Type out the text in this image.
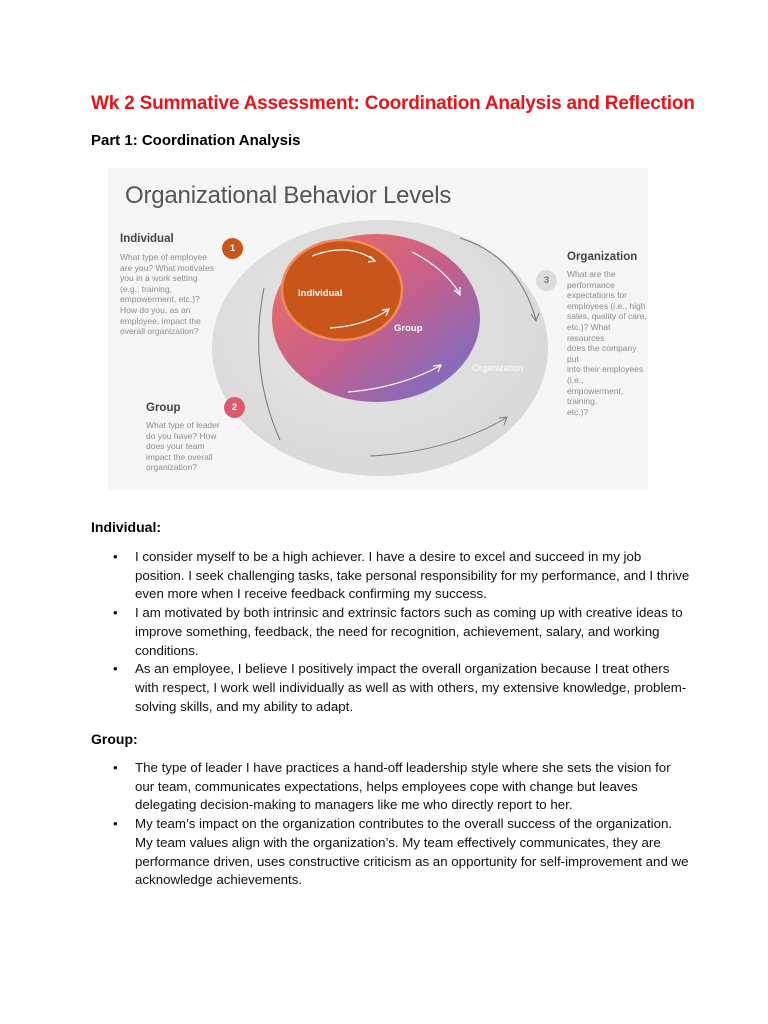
Wk 2 Summative Assessment: Coordination Analysis and Reflection
Part 1: Coordination Analysis
Organizational Behavior Levels
Individual
1
What type of employee
are you? What motivates
you in a work setting
(e.g., training,
empowerment, etc.)?
How do you, as an
employee, impact the
overall organization?
Group	2
What type of leader
do you have? How
does your team
impact the overall
organization?
Organization
3
What are the
performance
expectations for
employees (i.e., high
sales, quality of care,
etc.)? What resources
does the company put
into their employees (i.e.,
empowerment, training,
etc.)?
Individual
Group
Organization
Individual:
• I consider myself to be a high achiever. I have a desire to excel and succeed in my job position. I seek challenging tasks, take personal responsibility for my performance, and I thrive even more when I receive feedback confirming my success.
• I am motivated by both intrinsic and extrinsic factors such as coming up with creative ideas to improve something, feedback, the need for recognition, achievement, salary, and working conditions.
• As an employee, I believe I positively impact the overall organization because I treat others with respect, I work well individually as well as with others, my extensive knowledge, problem-solving skills, and my ability to adapt.
Group:
• The type of leader I have practices a hand-off leadership style where she sets the vision for our team, communicates expectations, helps employees cope with change but leaves delegating decision-making to managers like me who directly report to her.
• My team’s impact on the organization contributes to the overall success of the organization. My team values align with the organization’s. My team effectively communicates, they are performance driven, uses constructive criticism as an opportunity for self-improvement and we acknowledge achievements.
